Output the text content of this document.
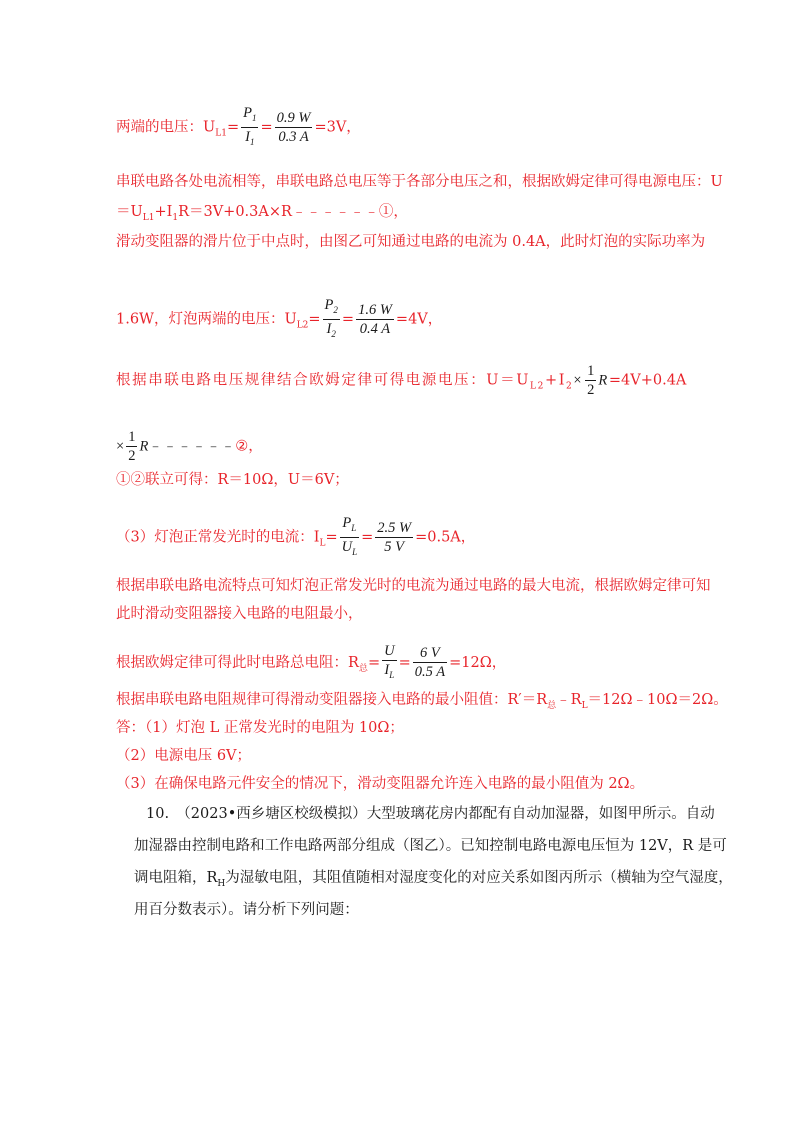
两端的电压：$U_{L1}= \frac{P_1}{I_1} = \frac{0.9 W}{0.3 A} =3V$，
串联电路各处电流相等，串联电路总电压等于各部分电压之和，根据欧姆定律可得电源电压：U
$=U_{L1}+I_1R=3V+0.3A\times R﹣﹣﹣﹣﹣﹣①$，
滑动变阻器的滑片位于中点时，由图乙可知通过电路的电流为 0.4A，此时灯泡的实际功率为
1.6W，灯泡两端的电压：$U_{L2}= \frac{P_2}{I_2} = \frac{1.6 W}{0.4 A} =4V$，
根据串联电路电压规律结合欧姆定律可得电源电压：$U=U_{L2}+I_2\times \frac{1}{2} R=4V+0.4A$
× $\frac{1}{2}$ R﹣﹣﹣﹣﹣﹣②，
①②联立可得：R＝10Ω，U＝6V；
（3）灯泡正常发光时的电流：$I_L= \frac{P_L}{U_L} = \frac{2.5 W}{5 V} =0.5A$，
根据串联电路电流特点可知灯泡正常发光时的电流为通过电路的最大电流，根据欧姆定律可知
此时滑动变阻器接入电路的电阻最小，
根据欧姆定律可得此时电路总电阻：$R_总= \frac{U}{I_L} = \frac{6 V}{0.5 A} =12\Omega$，
根据串联电路电阻规律可得滑动变阻器接入电路的最小阻值：$R'=R_总﹣R_L=12\Omega﹣10\Omega=2\Omega$。
答：（1）灯泡 L 正常发光时的电阻为 10Ω；
（2）电源电压 6V；
（3）在确保电路元件安全的情况下，滑动变阻器允许连入电路的最小阻值为 2Ω。
10.　（2023•西乡塘区校级模拟）大型玻璃花房内都配有自动加湿器，如图甲所示。自动
加湿器由控制电路和工作电路两部分组成（图乙）。已知控制电路电源电压恒为 12V，R 是可
调电阻箱，$R_H$为湿敏电阻，其阻值随相对湿度变化的对应关系如图丙所示（横轴为空气湿度，
用百分数表示）。请分析下列问题：
